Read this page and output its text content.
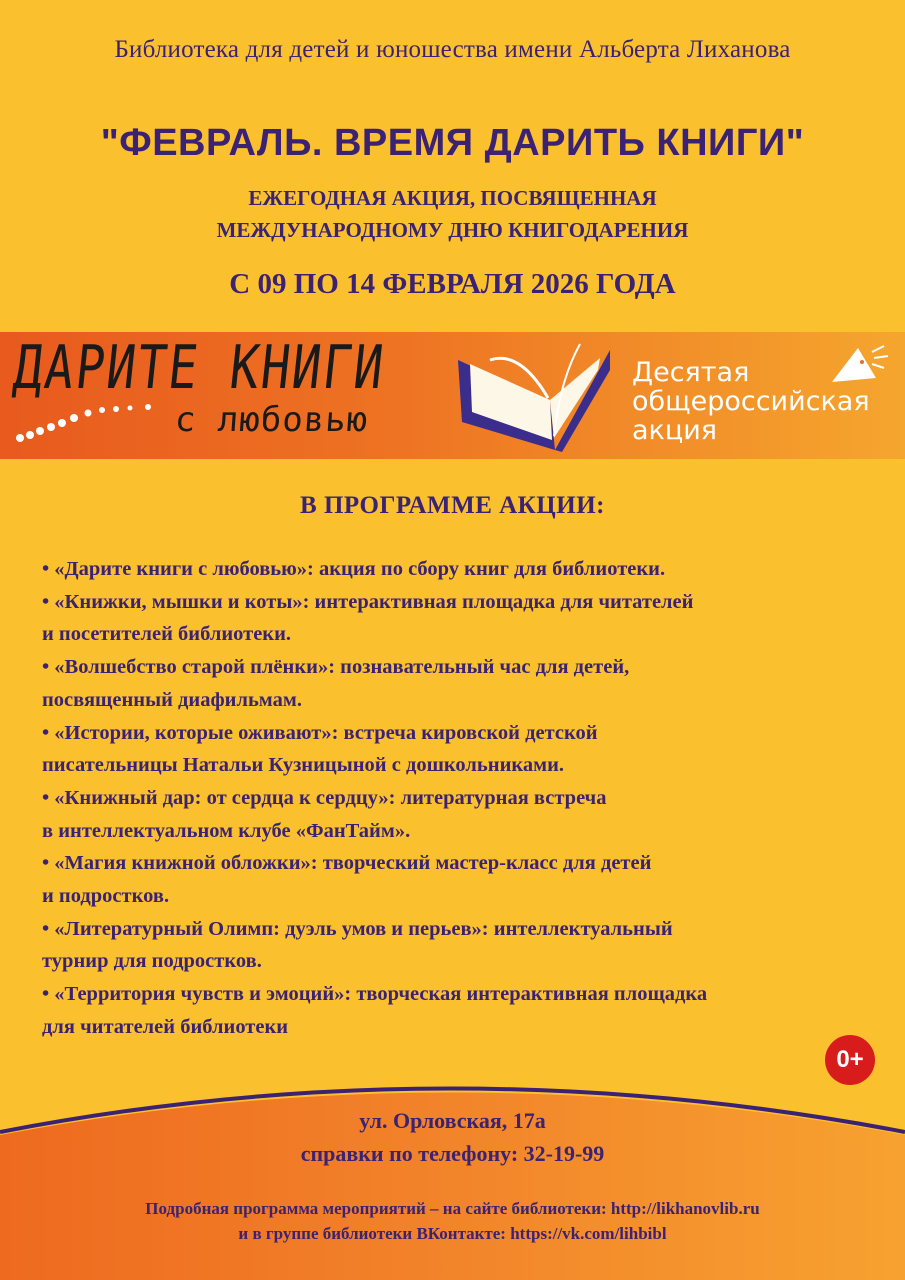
Библиотека для детей и юношества имени Альберта Лиханова
"ФЕВРАЛЬ. ВРЕМЯ ДАРИТЬ КНИГИ"
ЕЖЕГОДНАЯ АКЦИЯ, ПОСВЯЩЕННАЯ
МЕЖДУНАРОДНОМУ ДНЮ КНИГОДАРЕНИЯ
С 09 ПО 14 ФЕВРАЛЯ 2026 ГОДА
ДАРИТЕ КНИГИ
с любовью
Десятая
общероссийская
акция
В ПРОГРАММЕ АКЦИИ:
• «Дарите книги с любовью»: акция по сбору книг для библиотеки.
• «Книжки, мышки и коты»: интерактивная площадка для читателей
и посетителей библиотеки.
• «Волшебство старой плёнки»: познавательный час для детей,
посвященный диафильмам.
• «Истории, которые оживают»: встреча кировской детской
писательницы Натальи Кузницыной с дошкольниками.
• «Книжный дар: от сердца к сердцу»: литературная встреча
в интеллектуальном клубе «ФанТайм».
• «Магия книжной обложки»: творческий мастер-класс для детей
и подростков.
• «Литературный Олимп: дуэль умов и перьев»: интеллектуальный
турнир для подростков.
• «Территория чувств и эмоций»: творческая интерактивная площадка
для читателей библиотеки
0+
ул. Орловская, 17а
справки по телефону: 32-19-99
Подробная программа мероприятий – на сайте библиотеки: http://likhanovlib.ru
и в группе библиотеки ВКонтакте: https://vk.com/lihbibl
